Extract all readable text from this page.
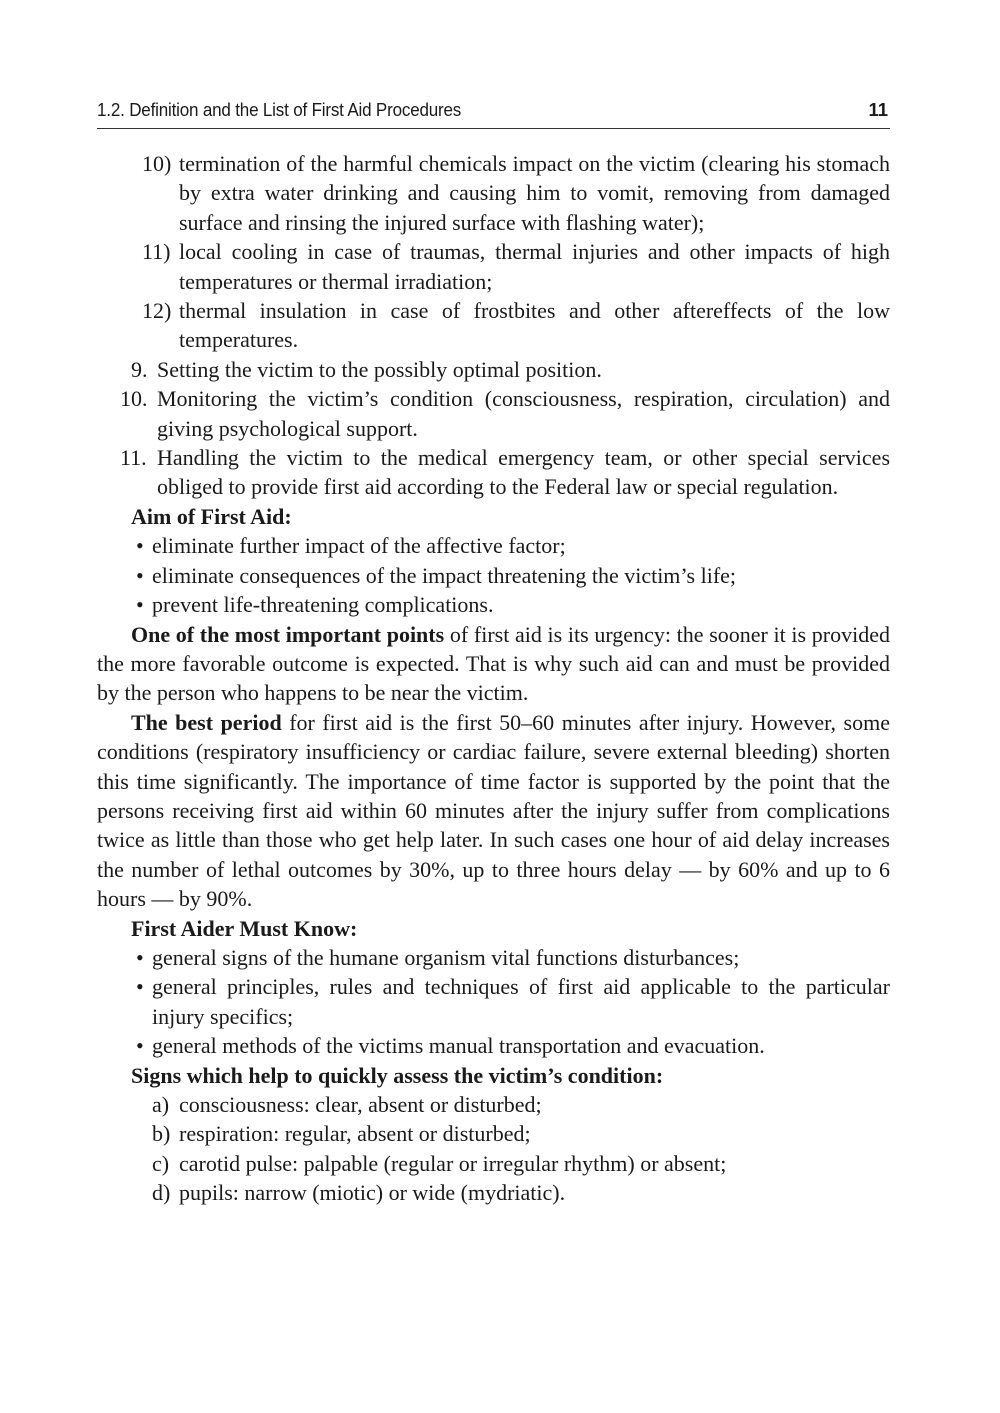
1.2. Definition and the List of First Aid Procedures	11

10) termination of the harmful chemicals impact on the victim (clearing his stomach by extra water drinking and causing him to vomit, removing from damaged surface and rinsing the injured surface with flashing water);

11) local cooling in case of traumas, thermal injuries and other impacts of high temperatures or thermal irradiation;

12) thermal insulation in case of frostbites and other aftereffects of the low temperatures.

9. Setting the victim to the possibly optimal position.

10. Monitoring the victim’s condition (consciousness, respiration, circulation) and giving psychological support.

11. Handling the victim to the medical emergency team, or other special services obliged to provide first aid according to the Federal law or special regulation.

Aim of First Aid:

• eliminate further impact of the affective factor;

• eliminate consequences of the impact threatening the victim’s life;

• prevent life-threatening complications.

One of the most important points of first aid is its urgency: the sooner it is provided the more favorable outcome is expected. That is why such aid can and must be provided by the person who happens to be near the victim.

The best period for first aid is the first 50–60 minutes after injury. However, some conditions (respiratory insufficiency or cardiac failure, severe external bleeding) shorten this time significantly. The importance of time factor is supported by the point that the persons receiving first aid within 60 minutes after the injury suffer from complications twice as little than those who get help later. In such cases one hour of aid delay increases the number of lethal outcomes by 30%, up to three hours delay — by 60% and up to 6 hours — by 90%.

First Aider Must Know:

• general signs of the humane organism vital functions disturbances;

• general principles, rules and techniques of first aid applicable to the particular injury specifics;

• general methods of the victims manual transportation and evacuation.

Signs which help to quickly assess the victim’s condition:

a) consciousness: clear, absent or disturbed;

b) respiration: regular, absent or disturbed;

c) carotid pulse: palpable (regular or irregular rhythm) or absent;

d) pupils: narrow (miotic) or wide (mydriatic).
